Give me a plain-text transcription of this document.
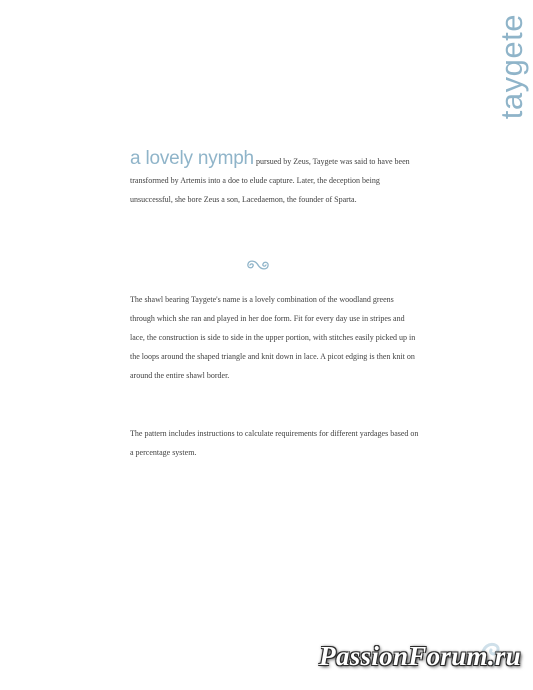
taygete
a lovely nymph pursued by Zeus, Taygete was said to have been transformed by Artemis into a doe to elude capture. Later, the deception being unsuccessful, she bore Zeus a son, Lacedaemon, the founder of Sparta.
The shawl bearing Taygete's name is a lovely combination of the woodland greens through which she ran and played in her doe form. Fit for every day use in stripes and lace, the construction is side to side in the upper portion, with stitches easily picked up in the loops around the shaped triangle and knit down in lace. A picot edging is then knit on around the entire shawl border.
The pattern includes instructions to calculate requirements for different yardages based on a percentage system.
PassionForum.ru
